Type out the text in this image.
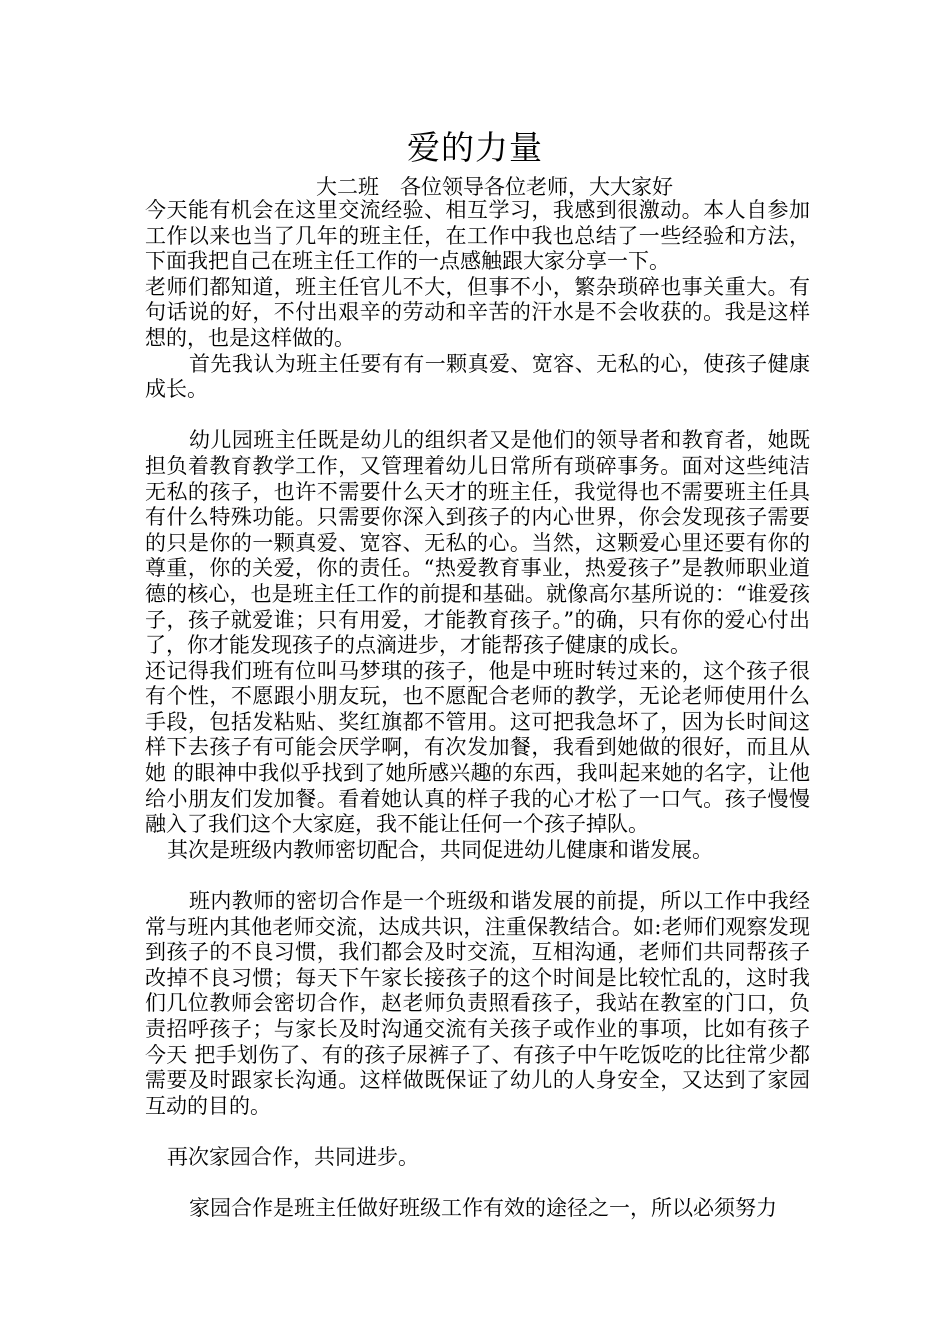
爱的力量
大二班　各位领导各位老师，大大家好

今天能有机会在这里交流经验、相互学习，我感到很激动。本人自参加工作以来也当了几年的班主任，在工作中我也总结了一些经验和方法，下面我把自己在班主任工作的一点感触跟大家分享一下。

老师们都知道，班主任官儿不大，但事不小，繁杂琐碎也事关重大。有句话说的好，不付出艰辛的劳动和辛苦的汗水是不会收获的。我是这样想的，也是这样做的。

首先我认为班主任要有有一颗真爱、宽容、无私的心，使孩子健康成长。

幼儿园班主任既是幼儿的组织者又是他们的领导者和教育者，她既担负着教育教学工作，又管理着幼儿日常所有琐碎事务。面对这些纯洁无私的孩子，也许不需要什么天才的班主任，我觉得也不需要班主任具有什么特殊功能。只需要你深入到孩子的内心世界，你会发现孩子需要的只是你的一颗真爱、宽容、无私的心。当然，这颗爱心里还要有你的尊重，你的关爱，你的责任。“热爱教育事业，热爱孩子”是教师职业道德的核心，也是班主任工作的前提和基础。就像高尔基所说的：“谁爱孩子，孩子就爱谁；只有用爱，才能教育孩子。”的确，只有你的爱心付出了，你才能发现孩子的点滴进步，才能帮孩子健康的成长。

还记得我们班有位叫马梦琪的孩子，他是中班时转过来的，这个孩子很有个性，不愿跟小朋友玩，也不愿配合老师的教学，无论老师使用什么手段，包括发粘贴、奖红旗都不管用。这可把我急坏了，因为长时间这样下去孩子有可能会厌学啊，有次发加餐，我看到她做的很好，而且从她 的眼神中我似乎找到了她所感兴趣的东西，我叫起来她的名字，让他给小朋友们发加餐。看着她认真的样子我的心才松了一口气。孩子慢慢融入了我们这个大家庭，我不能让任何一个孩子掉队。

其次是班级内教师密切配合，共同促进幼儿健康和谐发展。

班内教师的密切合作是一个班级和谐发展的前提，所以工作中我经常与班内其他老师交流，达成共识，注重保教结合。如:老师们观察发现到孩子的不良习惯，我们都会及时交流，互相沟通，老师们共同帮孩子改掉不良习惯；每天下午家长接孩子的这个时间是比较忙乱的，这时我们几位教师会密切合作，赵老师负责照看孩子，我站在教室的门口，负责招呼孩子；与家长及时沟通交流有关孩子或作业的事项，比如有孩子今天 把手划伤了、有的孩子尿裤子了、有孩子中午吃饭吃的比往常少都需要及时跟家长沟通。这样做既保证了幼儿的人身安全，又达到了家园互动的目的。

再次家园合作，共同进步。

家园合作是班主任做好班级工作有效的途径之一，所以必须努力
